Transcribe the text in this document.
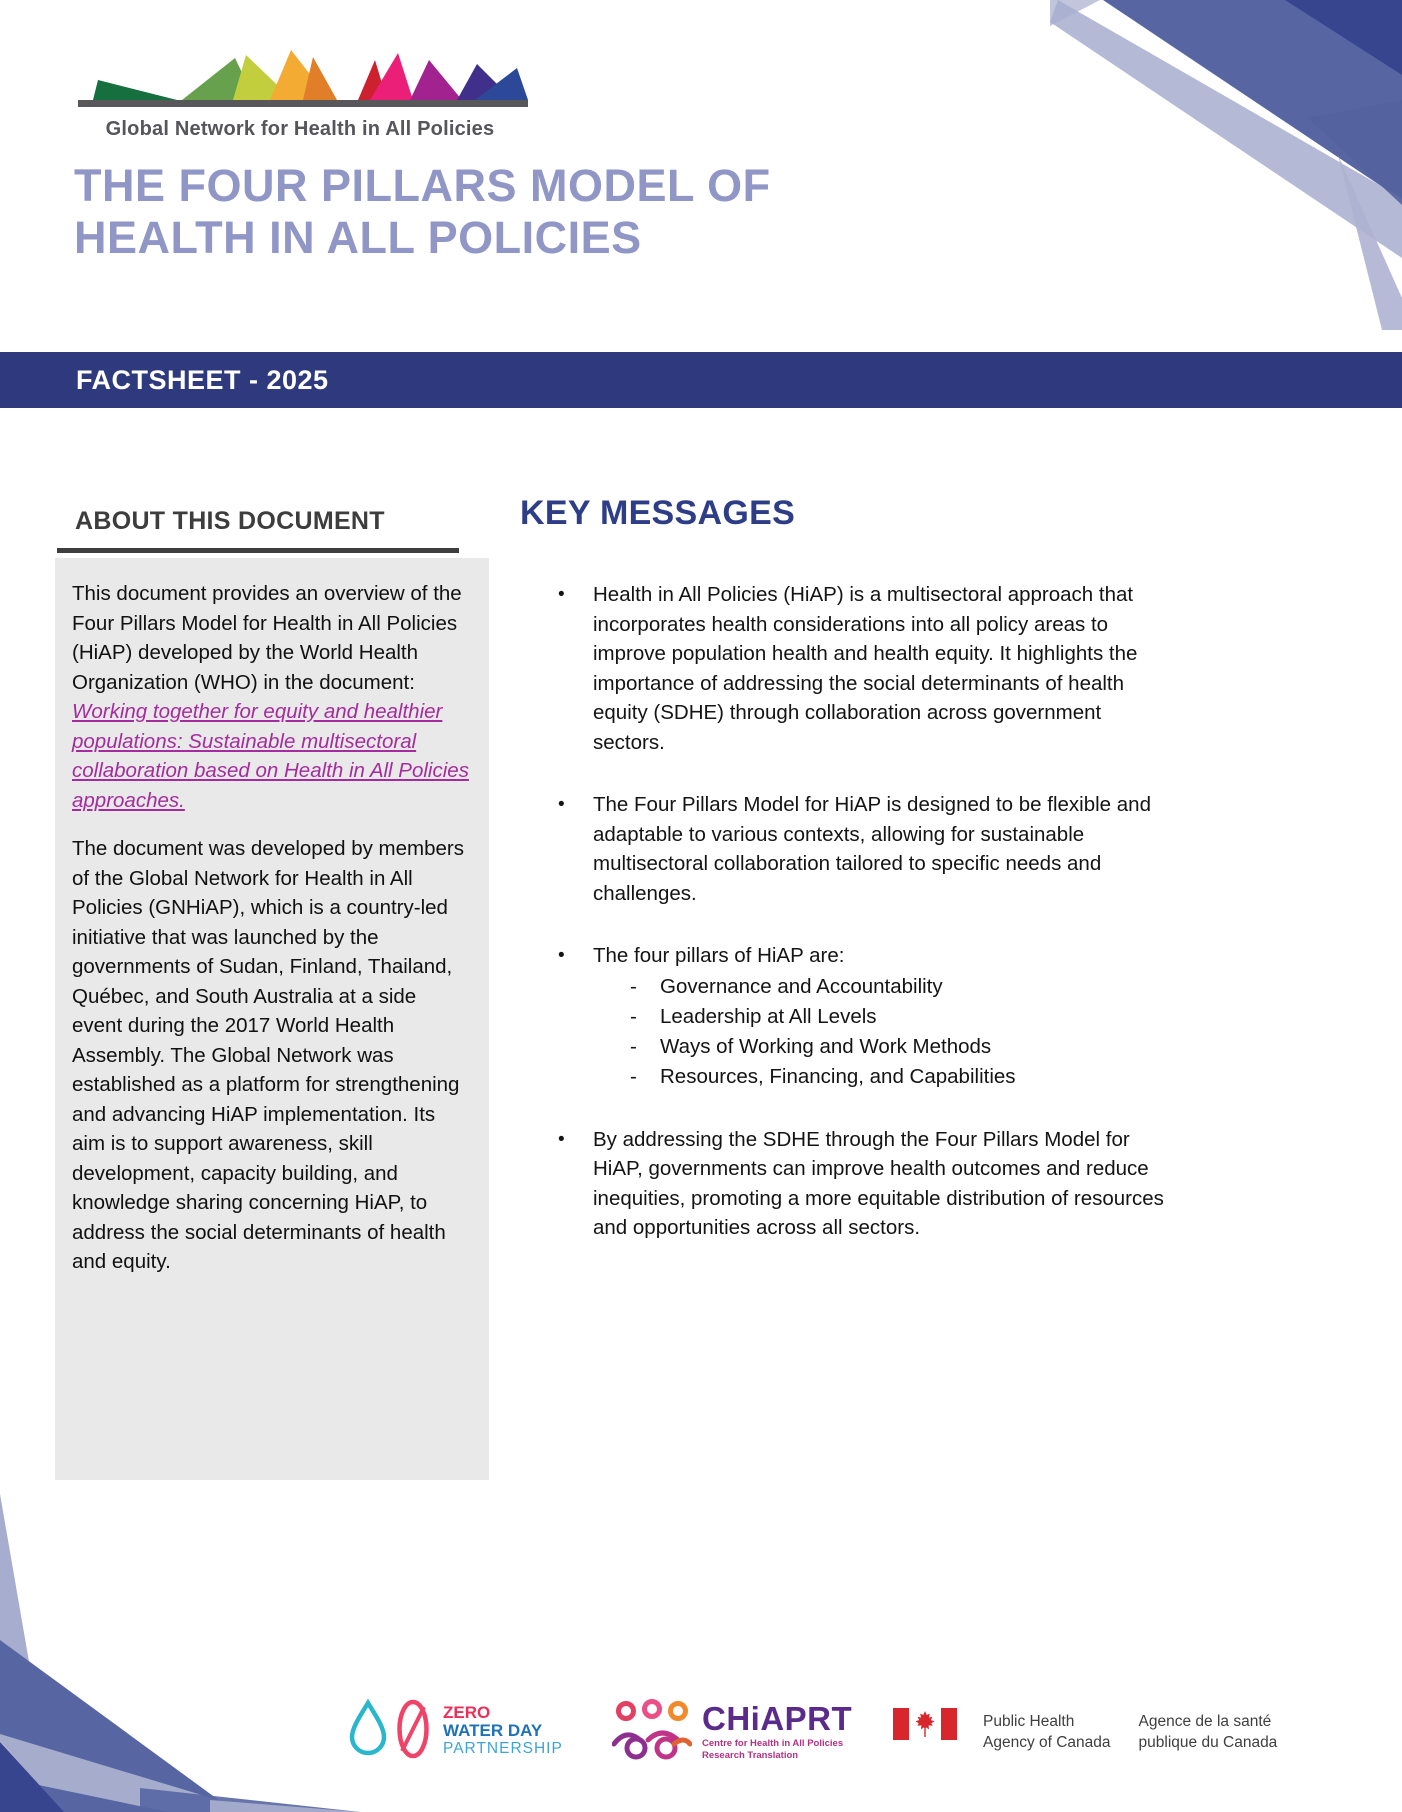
Global Network for Health in All Policies
THE FOUR PILLARS MODEL OF
HEALTH IN ALL POLICIES
FACTSHEET - 2025
ABOUT THIS DOCUMENT

This document provides an overview of the Four Pillars Model for Health in All Policies (HiAP) developed by the World Health Organization (WHO) in the document: Working together for equity and healthier populations: Sustainable multisectoral collaboration based on Health in All Policies approaches.

The document was developed by members of the Global Network for Health in All Policies (GNHiAP), which is a country-led initiative that was launched by the governments of Sudan, Finland, Thailand, Québec, and South Australia at a side event during the 2017 World Health Assembly. The Global Network was established as a platform for strengthening and advancing HiAP implementation. Its aim is to support awareness, skill development, capacity building, and knowledge sharing concerning HiAP, to address the social determinants of health and equity.

KEY MESSAGES
•	Health in All Policies (HiAP) is a multisectoral approach that incorporates health considerations into all policy areas to improve population health and health equity. It highlights the importance of addressing the social determinants of health equity (SDHE) through collaboration across government sectors.

•	The Four Pillars Model for HiAP is designed to be flexible and adaptable to various contexts, allowing for sustainable multisectoral collaboration tailored to specific needs and challenges.

•	The four pillars of HiAP are:

-	Governance and Accountability
-	Leadership at All Levels
-	Ways of Working and Work Methods
-	Resources, Financing, and Capabilities
•	By addressing the SDHE through the Four Pillars Model for HiAP, governments can improve health outcomes and reduce inequities, promoting a more equitable distribution of resources and opportunities across all sectors.

ZERO
WATER DAY
PARTNERSHIP
CHiAPRT
Centre for Health in All Policies
Research Translation
Public Health
Agency of Canada
Agence de la santé
publique du Canada
